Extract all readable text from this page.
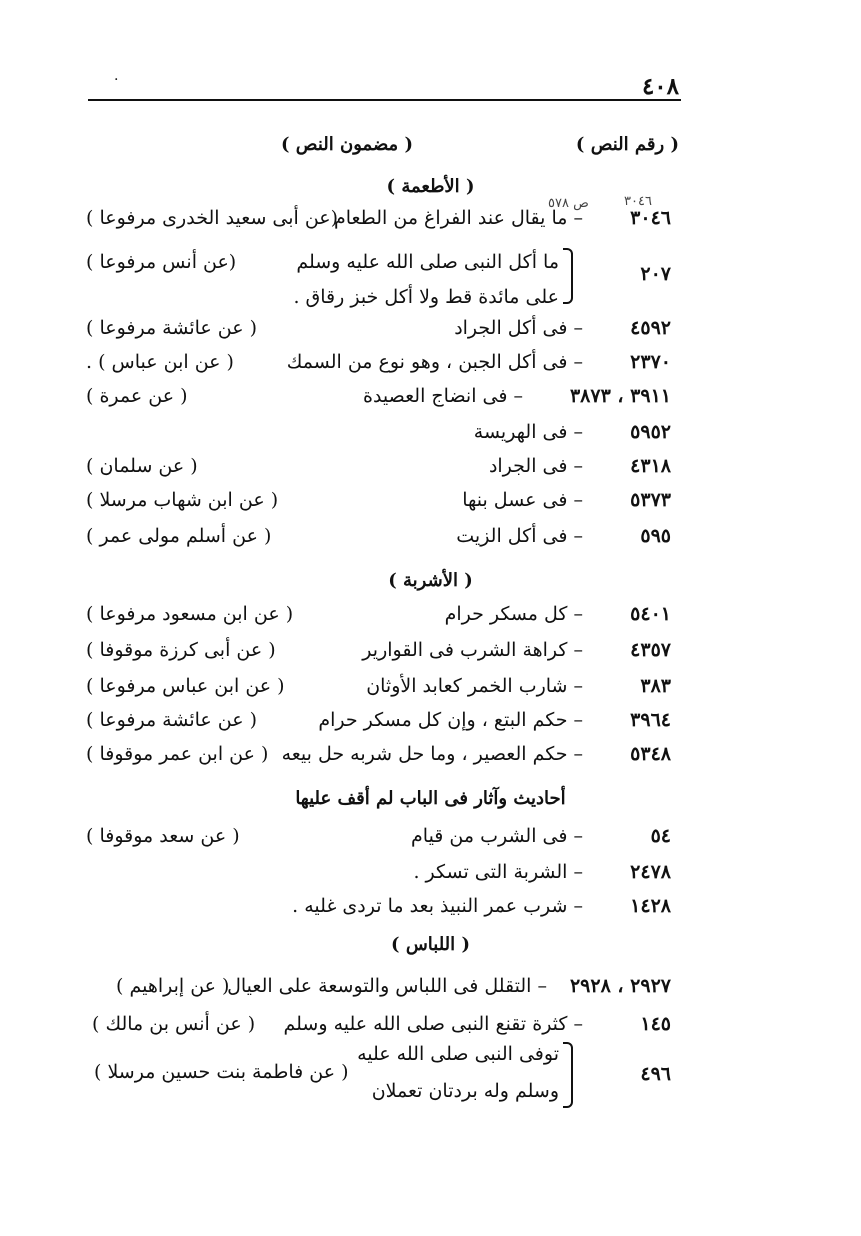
.	٤٠٨
( رقم النص )
( مضمون النص )
( الأطعمة )
ص ٥٧٨	٣٠٤٦
٣٠٤٦
– ما يقال عند الفراغ من الطعام
(عن أبى سعيد الخدرى مرفوعا )
٢٠٧
ما أكل النبى صلى الله عليه وسلم
(عن أنس مرفوعا )
على مائدة قط ولا أكل خبز رقاق .
٤٥٩٢
– فى أكل الجراد
( عن عائشة مرفوعا )
٢٣٧٠
– فى أكل الجبن ، وهو نوع من السمك
( عن ابن عباس ) .
٣٩١١ ، ٣٨٧٣
– فى انضاج العصيدة
( عن عمرة )
٥٩٥٢
– فى الهريسة
٤٣١٨
– فى الجراد
( عن سلمان )
٥٣٧٣
– فى عسل بنها
( عن ابن شهاب مرسلا )
٥٩٥
– فى أكل الزيت
( عن أسلم مولى عمر )
( الأشربة )
٥٤٠١
– كل مسكر حرام
( عن ابن مسعود مرفوعا )
٤٣٥٧
– كراهة الشرب فى القوارير
( عن أبى كرزة موقوفا )
٣٨٣
– شارب الخمر كعابد الأوثان
( عن ابن عباس مرفوعا )
٣٩٦٤
– حكم البتع ، وإن كل مسكر حرام
( عن عائشة مرفوعا )
٥٣٤٨
– حكم العصير ، وما حل شربه حل بيعه
( عن ابن عمر موقوفا )
أحاديث وآثار فى الباب لم أقف عليها
٥٤
– فى الشرب من قيام
( عن سعد موقوفا )
٢٤٧٨
– الشربة التى تسكر .
١٤٢٨
– شرب عمر النبيذ بعد ما تردى غليه .
( اللباس )
٢٩٢٧ ، ٢٩٢٨
– التقلل فى اللباس والتوسعة على العيال
( عن إبراهيم )
١٤٥
– كثرة تقنع النبى صلى الله عليه وسلم
( عن أنس بن مالك )
٤٩٦
توفى النبى صلى الله عليه
( عن فاطمة بنت حسين مرسلا )
وسلم وله بردتان تعملان
